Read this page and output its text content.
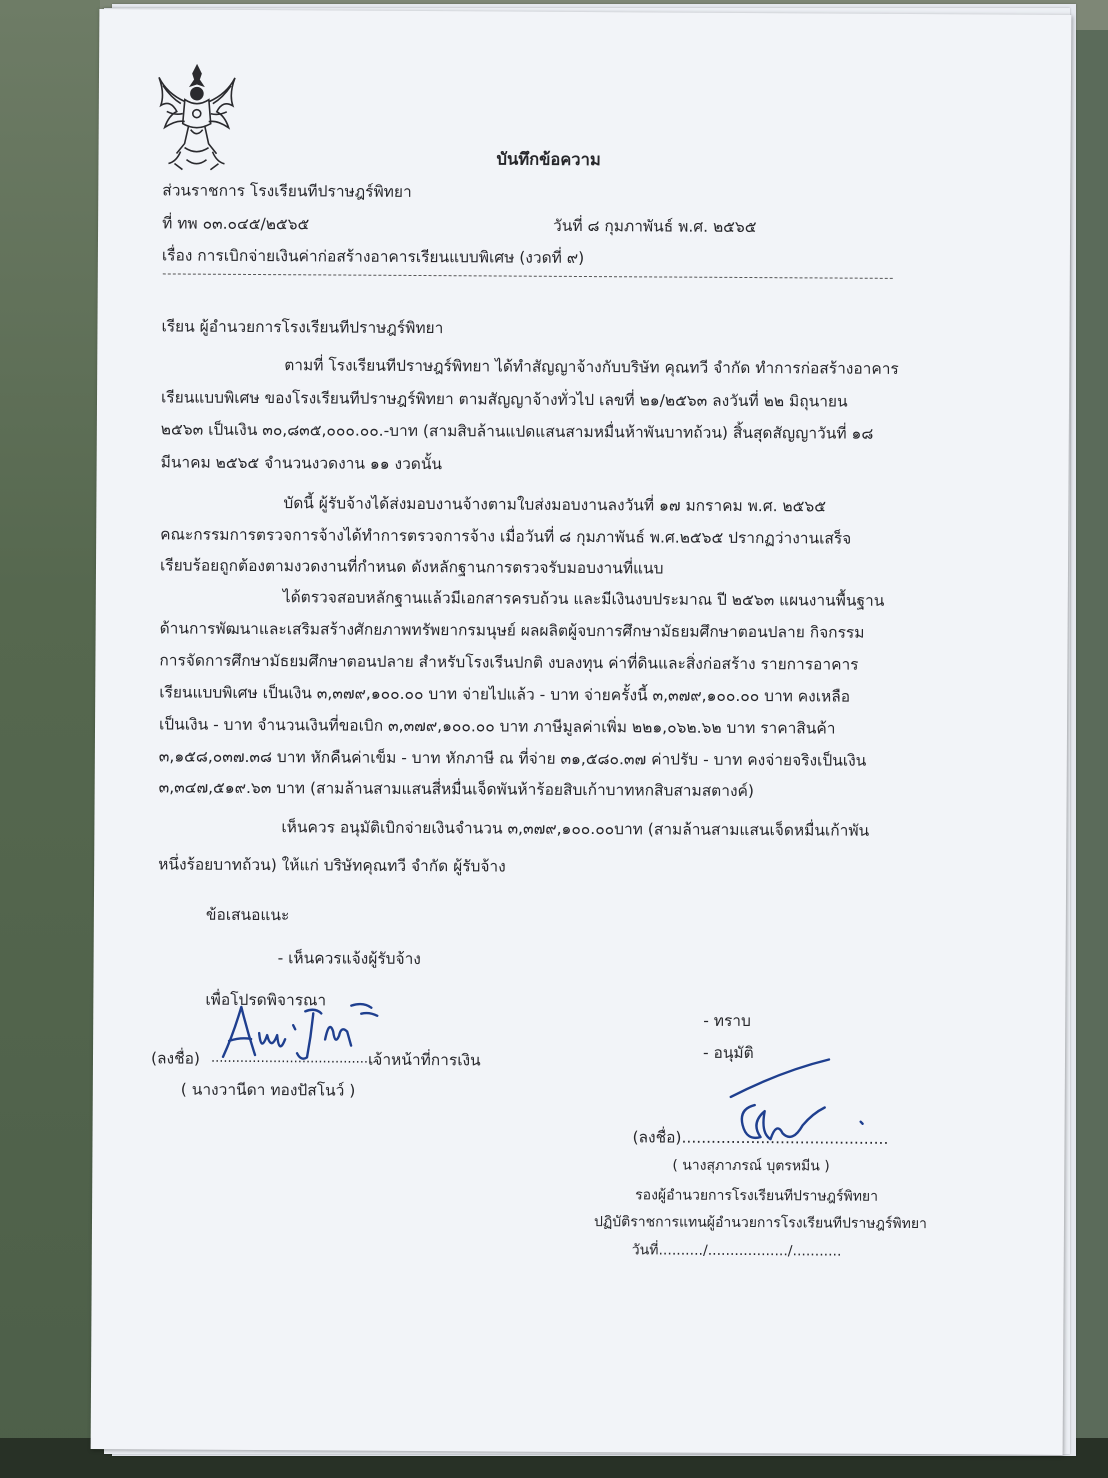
บันทึกข้อความ
ส่วนราชการ โรงเรียนทีปราษฎร์พิทยา
ที่ ทพ ๐๓.๐๔๕/๒๕๖๕	วันที่ ๘ กุมภาพันธ์ พ.ศ. ๒๕๖๕
เรื่อง การเบิกจ่ายเงินค่าก่อสร้างอาคารเรียนแบบพิเศษ (งวดที่ ๙)
เรียน ผู้อำนวยการโรงเรียนทีปราษฎร์พิทยา
ตามที่ โรงเรียนทีปราษฎร์พิทยา ได้ทำสัญญาจ้างกับบริษัท คุณทวี จำกัด ทำการก่อสร้างอาคาร
เรียนแบบพิเศษ ของโรงเรียนทีปราษฎร์พิทยา ตามสัญญาจ้างทั่วไป เลขที่ ๒๑/๒๕๖๓ ลงวันที่ ๒๒ มิถุนายน
๒๕๖๓ เป็นเงิน ๓๐,๘๓๕,๐๐๐.๐๐.-บาท (สามสิบล้านแปดแสนสามหมื่นห้าพันบาทถ้วน) สิ้นสุดสัญญาวันที่ ๑๘
มีนาคม ๒๕๖๕ จำนวนงวดงาน ๑๑ งวดนั้น
บัดนี้ ผู้รับจ้างได้ส่งมอบงานจ้างตามใบส่งมอบงานลงวันที่ ๑๗ มกราคม พ.ศ. ๒๕๖๕
คณะกรรมการตรวจการจ้างได้ทำการตรวจการจ้าง เมื่อวันที่ ๘ กุมภาพันธ์ พ.ศ.๒๕๖๕ ปรากฏว่างานเสร็จ
เรียบร้อยถูกต้องตามงวดงานที่กำหนด ดังหลักฐานการตรวจรับมอบงานที่แนบ
ได้ตรวจสอบหลักฐานแล้วมีเอกสารครบถ้วน และมีเงินงบประมาณ ปี ๒๕๖๓ แผนงานพื้นฐาน
ด้านการพัฒนาและเสริมสร้างศักยภาพทรัพยากรมนุษย์ ผลผลิตผู้จบการศึกษามัธยมศึกษาตอนปลาย กิจกรรม
การจัดการศึกษามัธยมศึกษาตอนปลาย สำหรับโรงเรีนปกติ งบลงทุน ค่าที่ดินและสิ่งก่อสร้าง รายการอาคาร
เรียนแบบพิเศษ เป็นเงิน ๓,๓๗๙,๑๐๐.๐๐ บาท จ่ายไปแล้ว - บาท จ่ายครั้งนี้ ๓,๓๗๙,๑๐๐.๐๐ บาท คงเหลือ
เป็นเงิน - บาท จำนวนเงินที่ขอเบิก ๓,๓๗๙,๑๐๐.๐๐ บาท ภาษีมูลค่าเพิ่ม ๒๒๑,๐๖๒.๖๒ บาท ราคาสินค้า
๓,๑๕๘,๐๓๗.๓๘ บาท หักคืนค่าเข็ม - บาท หักภาษี ณ ที่จ่าย ๓๑,๕๘๐.๓๗ ค่าปรับ - บาท คงจ่ายจริงเป็นเงิน
๓,๓๔๗,๕๑๙.๖๓ บาท (สามล้านสามแสนสี่หมื่นเจ็ดพันห้าร้อยสิบเก้าบาทหกสิบสามสตางค์)
เห็นควร อนุมัติเบิกจ่ายเงินจำนวน ๓,๓๗๙,๑๐๐.๐๐บาท (สามล้านสามแสนเจ็ดหมื่นเก้าพัน
หนึ่งร้อยบาทถ้วน) ให้แก่ บริษัทคุณทวี จำกัด ผู้รับจ้าง
ข้อเสนอแนะ
- เห็นควรแจ้งผู้รับจ้าง
เพื่อโปรดพิจารณา
(ลงชื่อ) ........................................
เจ้าหน้าที่การเงิน
( นางวานีดา ทองปัสโนว์ )
- ทราบ
- อนุมัติ
(ลงชื่อ)..........................................
( นางสุภาภรณ์ บุตรหมีน )
รองผู้อำนวยการโรงเรียนทีปราษฎร์พิทยา
ปฏิบัติราชการแทนผู้อำนวยการโรงเรียนทีปราษฎร์พิทยา
วันที่........../................../...........
